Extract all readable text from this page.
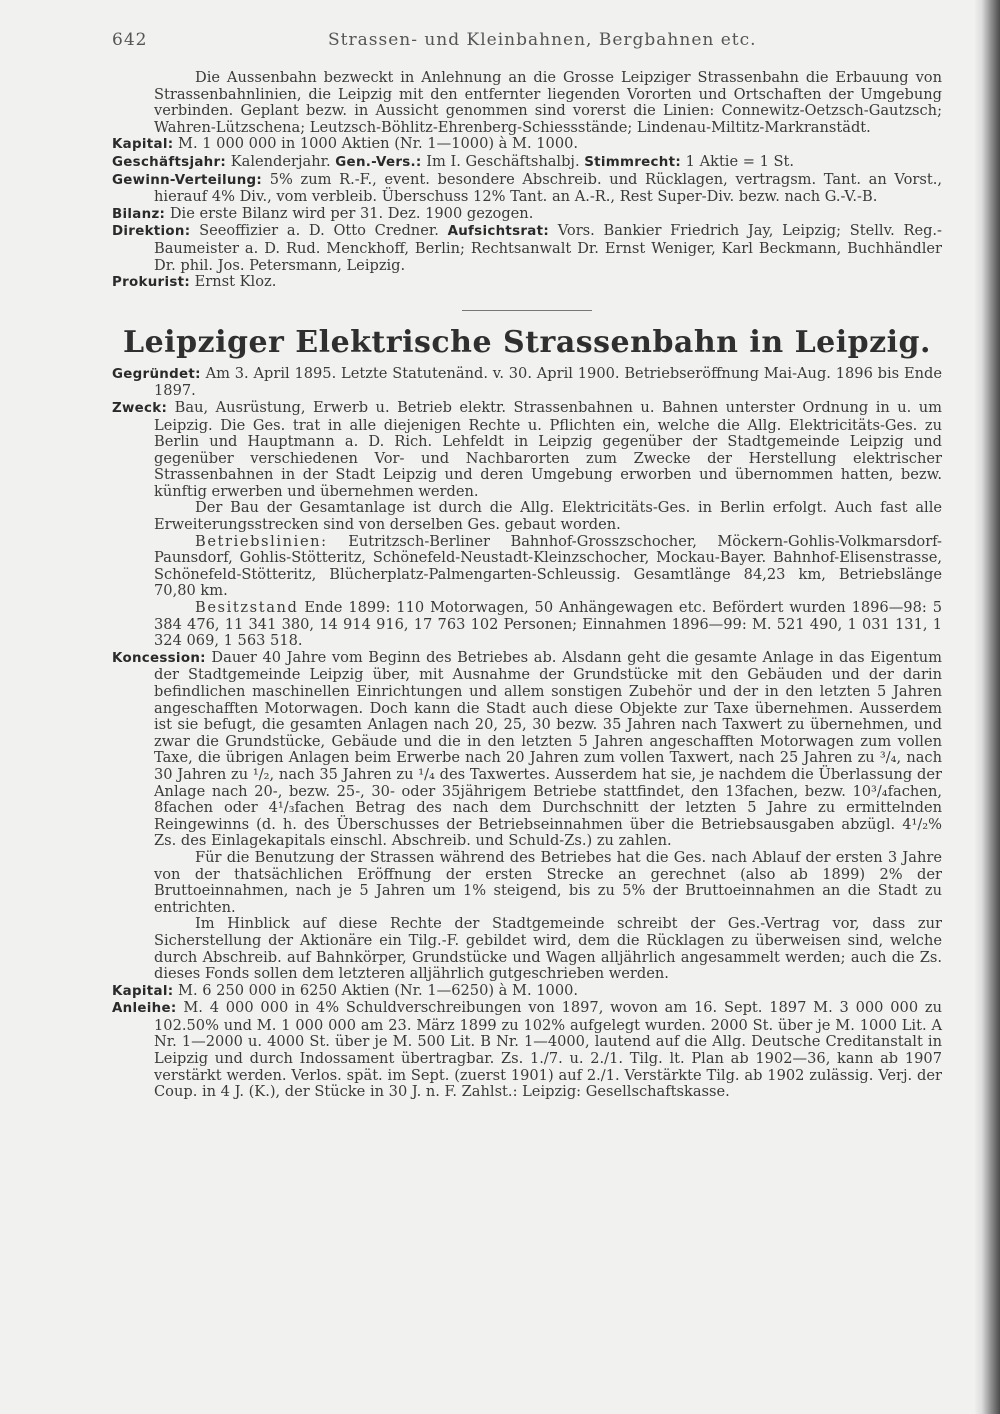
642	Strassen- und Kleinbahnen, Bergbahnen etc.

Die Aussenbahn bezweckt in Anlehnung an die Grosse Leipziger Strassenbahn die Erbauung von Strassenbahnlinien, die Leipzig mit den entfernter liegenden Vororten und Ortschaften der Umgebung verbinden. Geplant bezw. in Aussicht genommen sind vorerst die Linien: Connewitz-Oetzsch-Gautzsch; Wahren-Lützschena; Leutzsch-Böhlitz-Ehrenberg-Schiessstände; Lindenau-Miltitz-Markranstädt.

Kapital: M. 1 000 000 in 1000 Aktien (Nr. 1—1000) à M. 1000.

Geschäftsjahr: Kalenderjahr. Gen.-Vers.: Im I. Geschäftshalbj. Stimmrecht: 1 Aktie = 1 St.

Gewinn-Verteilung: 5% zum R.-F., event. besondere Abschreib. und Rücklagen, vertragsm. Tant. an Vorst., hierauf 4% Div., vom verbleib. Überschuss 12% Tant. an A.-R., Rest Super-Div. bezw. nach G.-V.-B.

Bilanz: Die erste Bilanz wird per 31. Dez. 1900 gezogen.

Direktion: Seeoffizier a. D. Otto Credner. Aufsichtsrat: Vors. Bankier Friedrich Jay, Leipzig; Stellv. Reg.-Baumeister a. D. Rud. Menckhoff, Berlin; Rechtsanwalt Dr. Ernst Weniger, Karl Beckmann, Buchhändler Dr. phil. Jos. Petersmann, Leipzig.

Prokurist: Ernst Kloz.

Leipziger Elektrische Strassenbahn in Leipzig.

Gegründet: Am 3. April 1895. Letzte Statutenänd. v. 30. April 1900. Betriebseröffnung Mai-Aug. 1896 bis Ende 1897.

Zweck: Bau, Ausrüstung, Erwerb u. Betrieb elektr. Strassenbahnen u. Bahnen unterster Ordnung in u. um Leipzig. Die Ges. trat in alle diejenigen Rechte u. Pflichten ein, welche die Allg. Elektricitäts-Ges. zu Berlin und Hauptmann a. D. Rich. Lehfeldt in Leipzig gegenüber der Stadtgemeinde Leipzig und gegenüber verschiedenen Vor- und Nachbarorten zum Zwecke der Herstellung elektrischer Strassenbahnen in der Stadt Leipzig und deren Umgebung erworben und übernommen hatten, bezw. künftig erwerben und übernehmen werden.

Der Bau der Gesamtanlage ist durch die Allg. Elektricitäts-Ges. in Berlin erfolgt. Auch fast alle Erweiterungsstrecken sind von derselben Ges. gebaut worden.

Betriebslinien: Eutritzsch-Berliner Bahnhof-Grosszschocher, Möckern-Gohlis-Volkmarsdorf-Paunsdorf, Gohlis-Stötteritz, Schönefeld-Neustadt-Kleinzschocher, Mockau-Bayer. Bahnhof-Elisenstrasse, Schönefeld-Stötteritz, Blücherplatz-Palmengarten-Schleussig. Gesamtlänge 84,23 km, Betriebslänge 70,80 km.

Besitzstand Ende 1899: 110 Motorwagen, 50 Anhängewagen etc. Befördert wurden 1896—98: 5 384 476, 11 341 380, 14 914 916, 17 763 102 Personen; Einnahmen 1896—99: M. 521 490, 1 031 131, 1 324 069, 1 563 518.

Koncession: Dauer 40 Jahre vom Beginn des Betriebes ab. Alsdann geht die gesamte Anlage in das Eigentum der Stadtgemeinde Leipzig über, mit Ausnahme der Grundstücke mit den Gebäuden und der darin befindlichen maschinellen Einrichtungen und allem sonstigen Zubehör und der in den letzten 5 Jahren angeschafften Motorwagen. Doch kann die Stadt auch diese Objekte zur Taxe übernehmen. Ausserdem ist sie befugt, die gesamten Anlagen nach 20, 25, 30 bezw. 35 Jahren nach Taxwert zu übernehmen, und zwar die Grundstücke, Gebäude und die in den letzten 5 Jahren angeschafften Motorwagen zum vollen Taxe, die übrigen Anlagen beim Erwerbe nach 20 Jahren zum vollen Taxwert, nach 25 Jahren zu ³/₄, nach 30 Jahren zu ¹/₂, nach 35 Jahren zu ¹/₄ des Taxwertes. Ausserdem hat sie, je nachdem die Überlassung der Anlage nach 20-, bezw. 25-, 30- oder 35jährigem Betriebe stattfindet, den 13fachen, bezw. 10³/₄fachen, 8fachen oder 4¹/₃fachen Betrag des nach dem Durchschnitt der letzten 5 Jahre zu ermittelnden Reingewinns (d. h. des Überschusses der Betriebseinnahmen über die Betriebsausgaben abzügl. 4¹/₂% Zs. des Einlagekapitals einschl. Abschreib. und Schuld-Zs.) zu zahlen.

Für die Benutzung der Strassen während des Betriebes hat die Ges. nach Ablauf der ersten 3 Jahre von der thatsächlichen Eröffnung der ersten Strecke an gerechnet (also ab 1899) 2% der Bruttoeinnahmen, nach je 5 Jahren um 1% steigend, bis zu 5% der Bruttoeinnahmen an die Stadt zu entrichten.

Im Hinblick auf diese Rechte der Stadtgemeinde schreibt der Ges.-Vertrag vor, dass zur Sicherstellung der Aktionäre ein Tilg.-F. gebildet wird, dem die Rücklagen zu überweisen sind, welche durch Abschreib. auf Bahnkörper, Grundstücke und Wagen alljährlich angesammelt werden; auch die Zs. dieses Fonds sollen dem letzteren alljährlich gutgeschrieben werden.

Kapital: M. 6 250 000 in 6250 Aktien (Nr. 1—6250) à M. 1000.

Anleihe: M. 4 000 000 in 4% Schuldverschreibungen von 1897, wovon am 16. Sept. 1897 M. 3 000 000 zu 102.50% und M. 1 000 000 am 23. März 1899 zu 102% aufgelegt wurden. 2000 St. über je M. 1000 Lit. A Nr. 1—2000 u. 4000 St. über je M. 500 Lit. B Nr. 1—4000, lautend auf die Allg. Deutsche Creditanstalt in Leipzig und durch Indossament übertragbar. Zs. 1./7. u. 2./1. Tilg. lt. Plan ab 1902—36, kann ab 1907 verstärkt werden. Verlos. spät. im Sept. (zuerst 1901) auf 2./1. Verstärkte Tilg. ab 1902 zulässig. Verj. der Coup. in 4 J. (K.), der Stücke in 30 J. n. F. Zahlst.: Leipzig: Gesellschaftskasse.
